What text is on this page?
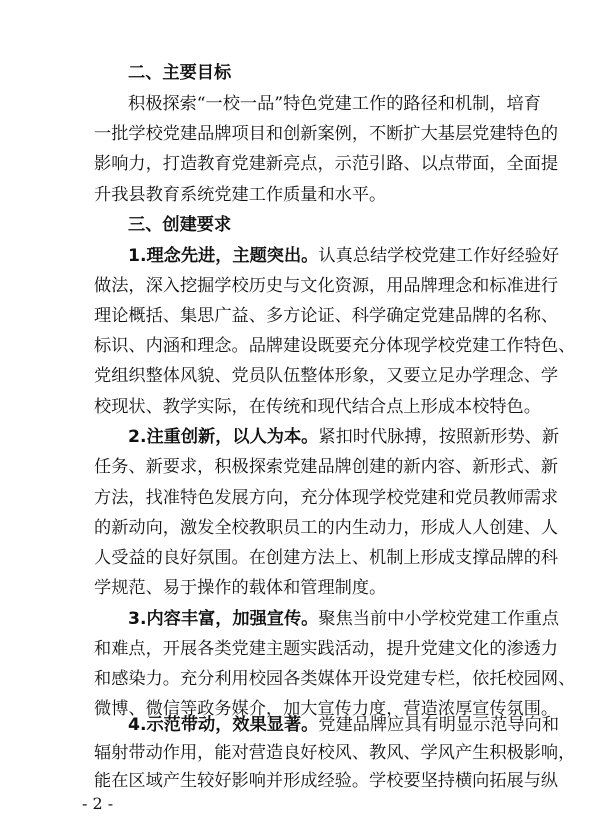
二、主要目标
积极探索“一校一品”特色党建工作的路径和机制，培育
一批学校党建品牌项目和创新案例，不断扩大基层党建特色的
影响力，打造教育党建新亮点，示范引路、以点带面，全面提
升我县教育系统党建工作质量和水平。
三、创建要求
1.理念先进，主题突出。认真总结学校党建工作好经验好
做法，深入挖掘学校历史与文化资源，用品牌理念和标准进行
理论概括、集思广益、多方论证、科学确定党建品牌的名称、
标识、内涵和理念。品牌建设既要充分体现学校党建工作特色、
党组织整体风貌、党员队伍整体形象，又要立足办学理念、学
校现状、教学实际，在传统和现代结合点上形成本校特色。
2.注重创新，以人为本。紧扣时代脉搏，按照新形势、新
任务、新要求，积极探索党建品牌创建的新内容、新形式、新
方法，找准特色发展方向，充分体现学校党建和党员教师需求
的新动向，激发全校教职员工的内生动力，形成人人创建、人
人受益的良好氛围。在创建方法上、机制上形成支撑品牌的科
学规范、易于操作的载体和管理制度。
3.内容丰富，加强宣传。聚焦当前中小学校党建工作重点
和难点，开展各类党建主题实践活动，提升党建文化的渗透力
和感染力。充分利用校园各类媒体开设党建专栏，依托校园网、
微博、微信等政务媒介，加大宣传力度，营造浓厚宣传氛围。
4.示范带动，效果显著。党建品牌应具有明显示范导向和
辐射带动作用，能对营造良好校风、教风、学风产生积极影响，
- 2 -
能在区域产生较好影响并形成经验。学校要坚持横向拓展与纵
